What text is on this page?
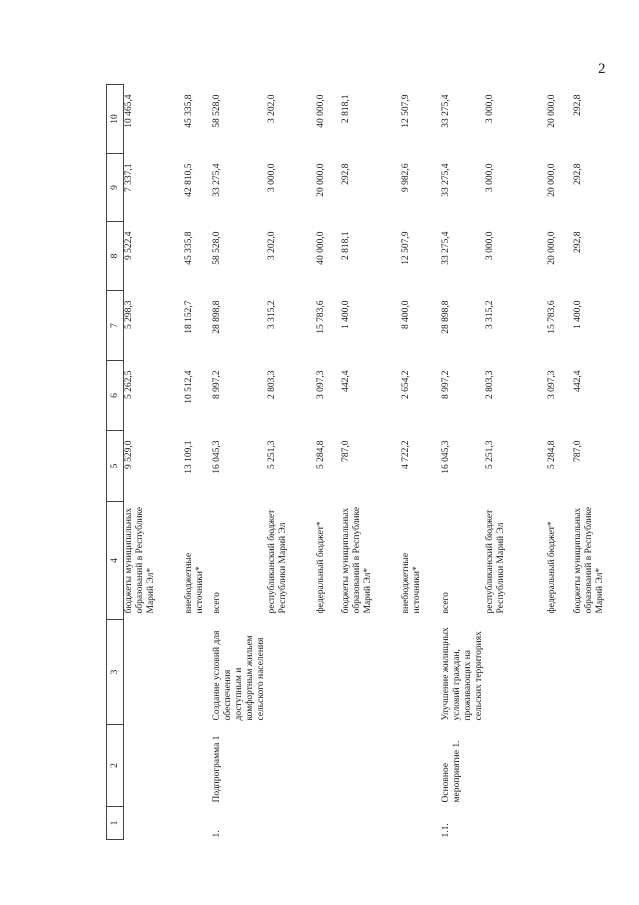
2
1	2	3	4	5	6	7	8	9	10
			бюджеты муниципальных образований в Республике Марий Эл*	9 529,0	5 262,5	5 298,3	9 522,4	7 337,1	10 465,4
			внебюджетные источники*	13 109,1	10 512,4	18 152,7	45 335,8	42 810,5	45 335,8
1.	Подпрограмма 1	Создание условий для обеспечения доступным и комфортным жильем сельского населения	всего	16 045,3	8 997,2	28 898,8	58 528,0	33 275,4	58 528,0
			республиканский бюджет Республики Марий Эл	5 251,3	2 803,3	3 315,2	3 202,0	3 000,0	3 202,0
			федеральный бюджет*	5 284,8	3 097,3	15 783,6	40 000,0	20 000,0	40 000,0
			бюджеты муниципальных образований в Республике Марий Эл*	787,0	442,4	1 400,0	2 818,1	292,8	2 818,1
			внебюджетные источники*	4 722,2	2 654,2	8 400,0	12 507,9	9 982,6	12 507,9
1.1.	Основное мероприятие 1.	Улучшение жилищных условий граждан, проживающих на сельских территориях	всего	16 045,3	8 997,2	28 898,8	33 275,4	33 275,4	33 275,4
			республиканский бюджет Республики Марий Эл	5 251,3	2 803,3	3 315,2	3 000,0	3 000,0	3 000,0
			федеральный бюджет*	5 284,8	3 097,3	15 783,6	20 000,0	20 000,0	20 000,0
			бюджеты муниципальных образований в Республике Марий Эл*	787,0	442,4	1 400,0	292,8	292,8	292,8
